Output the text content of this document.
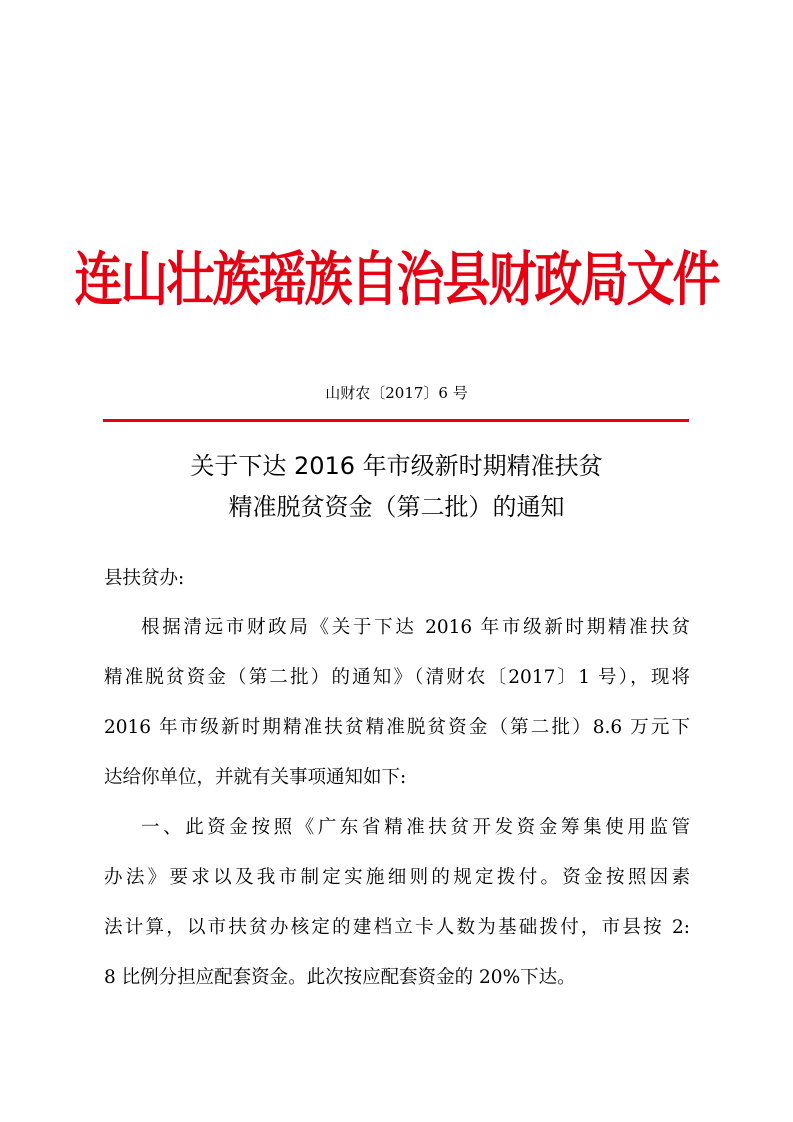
连山壮族瑶族自治县财政局文件
山财农〔2017〕6 号
关于下达 2016 年市级新时期精准扶贫
精准脱贫资金（第二批）的通知
县扶贫办:
根据清远市财政局《关于下达 2016 年市级新时期精准扶贫
精准脱贫资金（第二批）的通知》（清财农〔2017〕1 号），现将
2016 年市级新时期精准扶贫精准脱贫资金（第二批）8.6 万元下
达给你单位，并就有关事项通知如下:
一、此资金按照《广东省精准扶贫开发资金筹集使用监管
办法》要求以及我市制定实施细则的规定拨付。资金按照因素
法计算，以市扶贫办核定的建档立卡人数为基础拨付，市县按 2:
8 比例分担应配套资金。此次按应配套资金的 20%下达。
